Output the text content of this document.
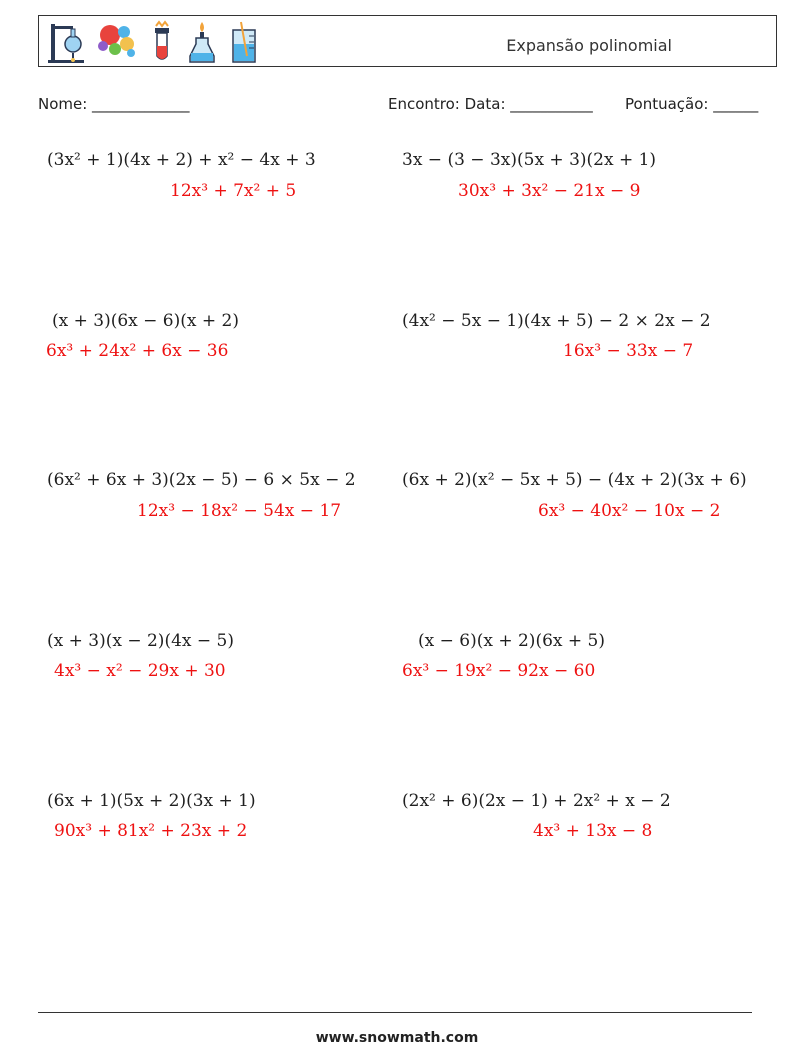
Expansão polinomial
Nome: _____________	Encontro: Data: ___________ Pontuação: ______
(3x² + 1)(4x + 2) + x² − 4x + 3
12x³ + 7x² + 5
3x − (3 − 3x)(5x + 3)(2x + 1)
30x³ + 3x² − 21x − 9
(x + 3)(6x − 6)(x + 2)
6x³ + 24x² + 6x − 36
(4x² − 5x − 1)(4x + 5) − 2 × 2x − 2
16x³ − 33x − 7
(6x² + 6x + 3)(2x − 5) − 6 × 5x − 2
12x³ − 18x² − 54x − 17
(6x + 2)(x² − 5x + 5) − (4x + 2)(3x + 6)
6x³ − 40x² − 10x − 2
(x + 3)(x − 2)(4x − 5)
4x³ − x² − 29x + 30
(x − 6)(x + 2)(6x + 5)
6x³ − 19x² − 92x − 60
(6x + 1)(5x + 2)(3x + 1)
90x³ + 81x² + 23x + 2
(2x² + 6)(2x − 1) + 2x² + x − 2
4x³ + 13x − 8
www.snowmath.com
